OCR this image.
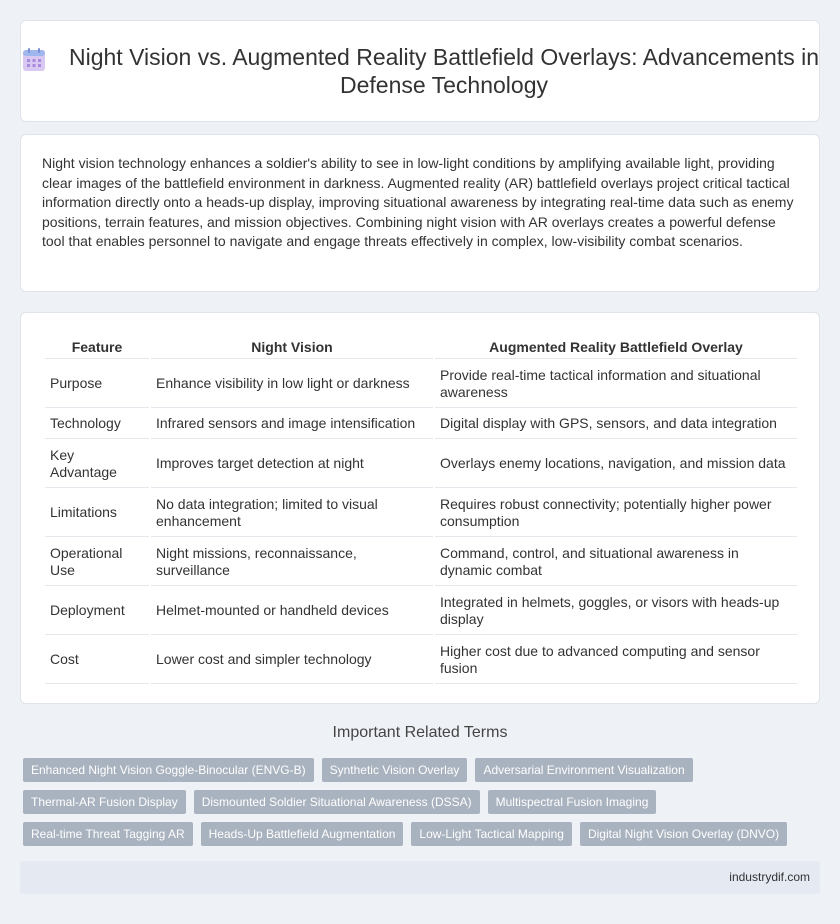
Night Vision vs. Augmented Reality Battlefield Overlays: Advancements in Defense Technology

Night vision technology enhances a soldier's ability to see in low-light conditions by amplifying available light, providing clear images of the battlefield environment in darkness. Augmented reality (AR) battlefield overlays project critical tactical information directly onto a heads-up display, improving situational awareness by integrating real-time data such as enemy positions, terrain features, and mission objectives. Combining night vision with AR overlays creates a powerful defense tool that enables personnel to navigate and engage threats effectively in complex, low-visibility combat scenarios.

Feature	Night Vision	Augmented Reality Battlefield Overlay
Purpose	Enhance visibility in low light or darkness	Provide real-time tactical information and situational awareness
Technology	Infrared sensors and image intensification	Digital display with GPS, sensors, and data integration
Key Advantage	Improves target detection at night	Overlays enemy locations, navigation, and mission data
Limitations	No data integration; limited to visual enhancement	Requires robust connectivity; potentially higher power consumption
Operational Use	Night missions, reconnaissance, surveillance	Command, control, and situational awareness in dynamic combat
Deployment	Helmet-mounted or handheld devices	Integrated in helmets, goggles, or visors with heads-up display
Cost	Lower cost and simpler technology	Higher cost due to advanced computing and sensor fusion
Important Related Terms
Enhanced Night Vision Goggle-Binocular (ENVG-B)	Synthetic Vision Overlay	Adversarial Environment Visualization
Thermal-AR Fusion Display	Dismounted Soldier Situational Awareness (DSSA)	Multispectral Fusion Imaging
Real-time Threat Tagging AR	Heads-Up Battlefield Augmentation	Low-Light Tactical Mapping	Digital Night Vision Overlay (DNVO)
industrydif.com
